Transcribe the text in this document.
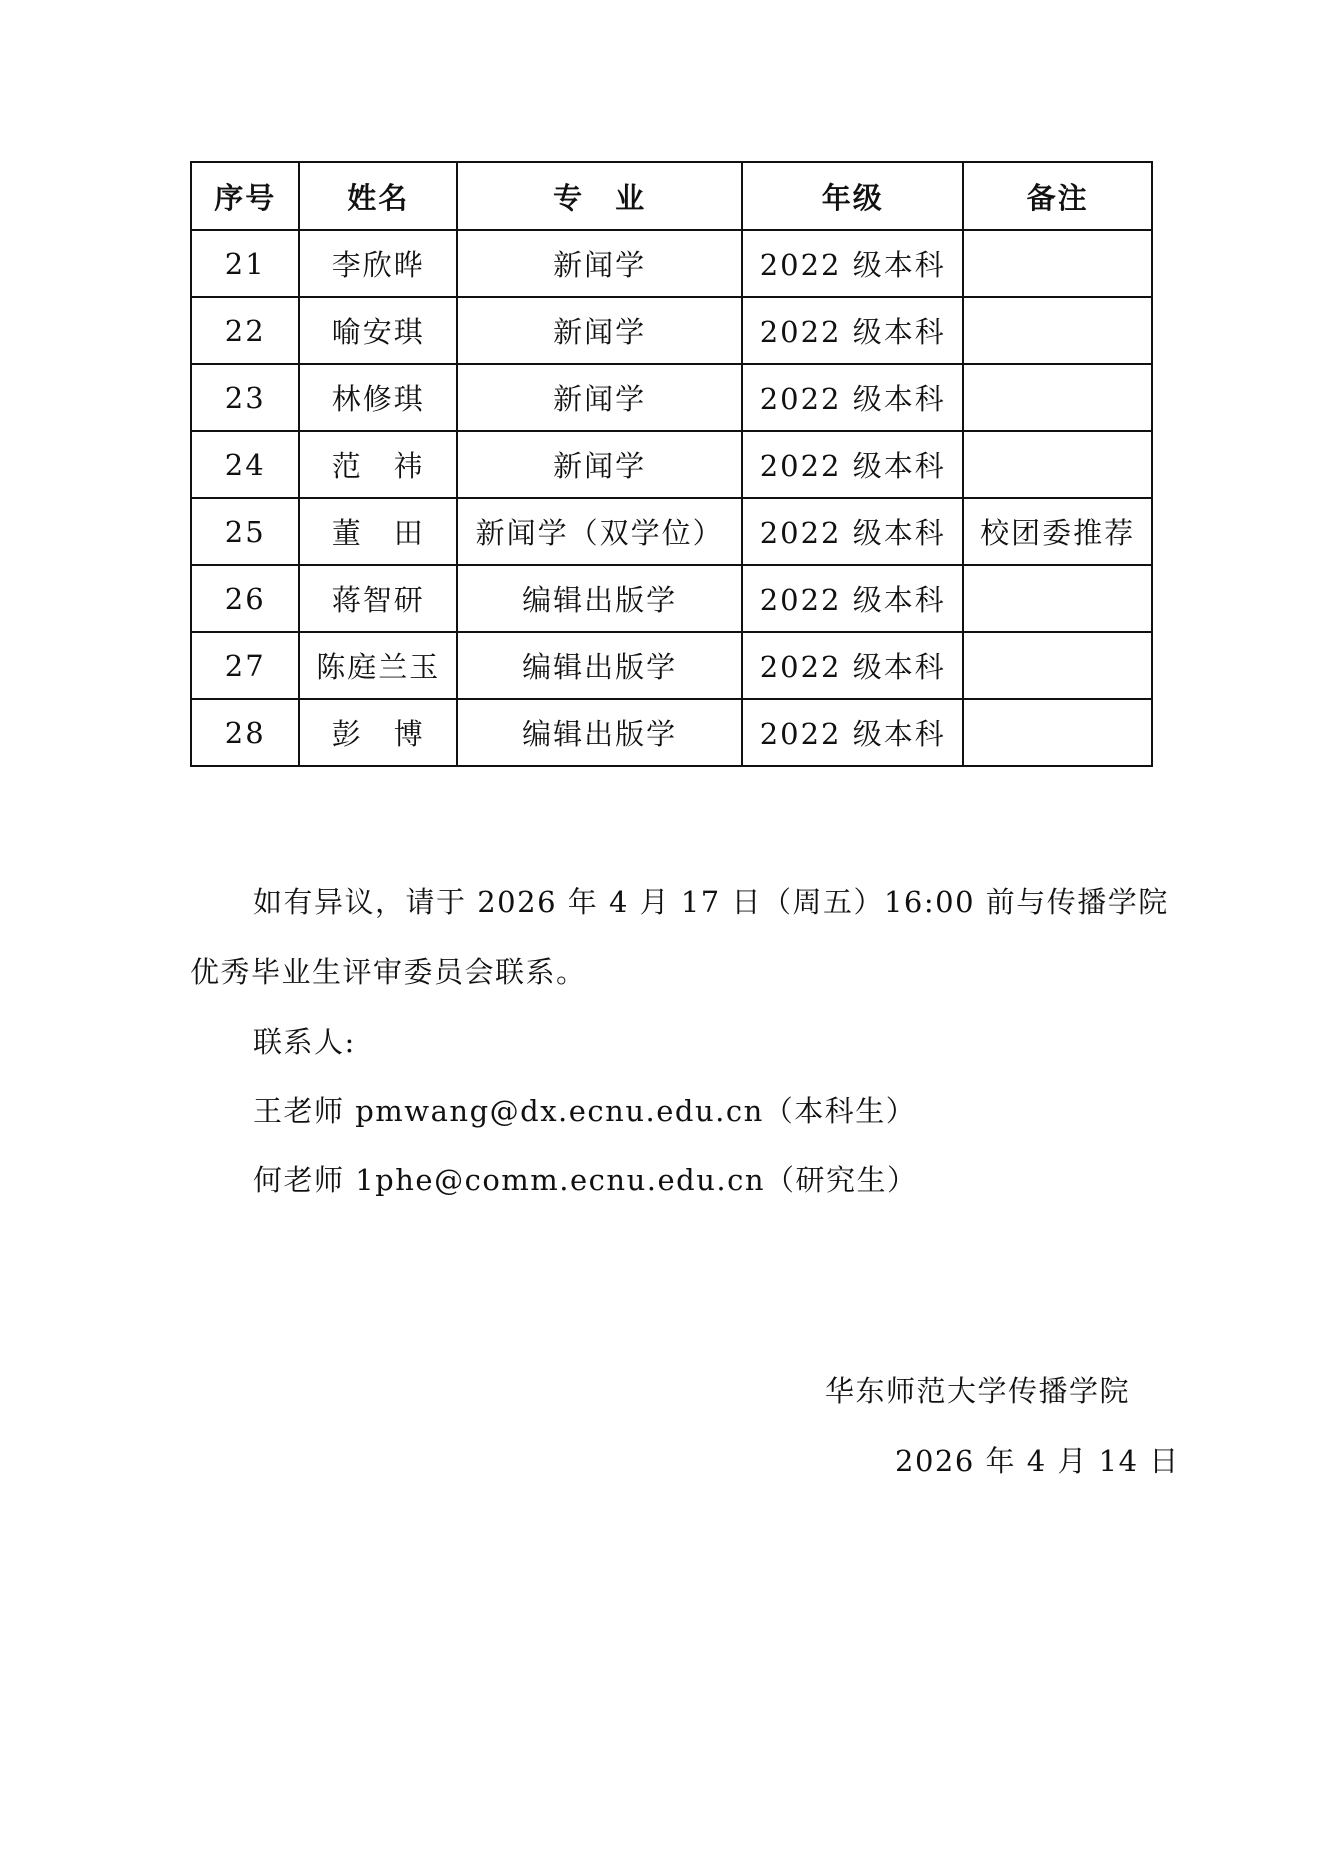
序号	姓名	专　业	年级	备注
21	李欣晔	新闻学	2022 级本科	
22	喻安琪	新闻学	2022 级本科	
23	林修琪	新闻学	2022 级本科	
24	范　祎	新闻学	2022 级本科	
25	董　田	新闻学（双学位）	2022 级本科	校团委推荐
26	蒋智研	编辑出版学	2022 级本科	
27	陈庭兰玉	编辑出版学	2022 级本科	
28	彭　博	编辑出版学	2022 级本科	
如有异议，请于 2026 年 4 月 17 日（周五）16:00 前与传播学院
优秀毕业生评审委员会联系。
联系人:
王老师 pmwang@dx.ecnu.edu.cn（本科生）
何老师 1phe@comm.ecnu.edu.cn（研究生）
华东师范大学传播学院
2026 年 4 月 14 日
